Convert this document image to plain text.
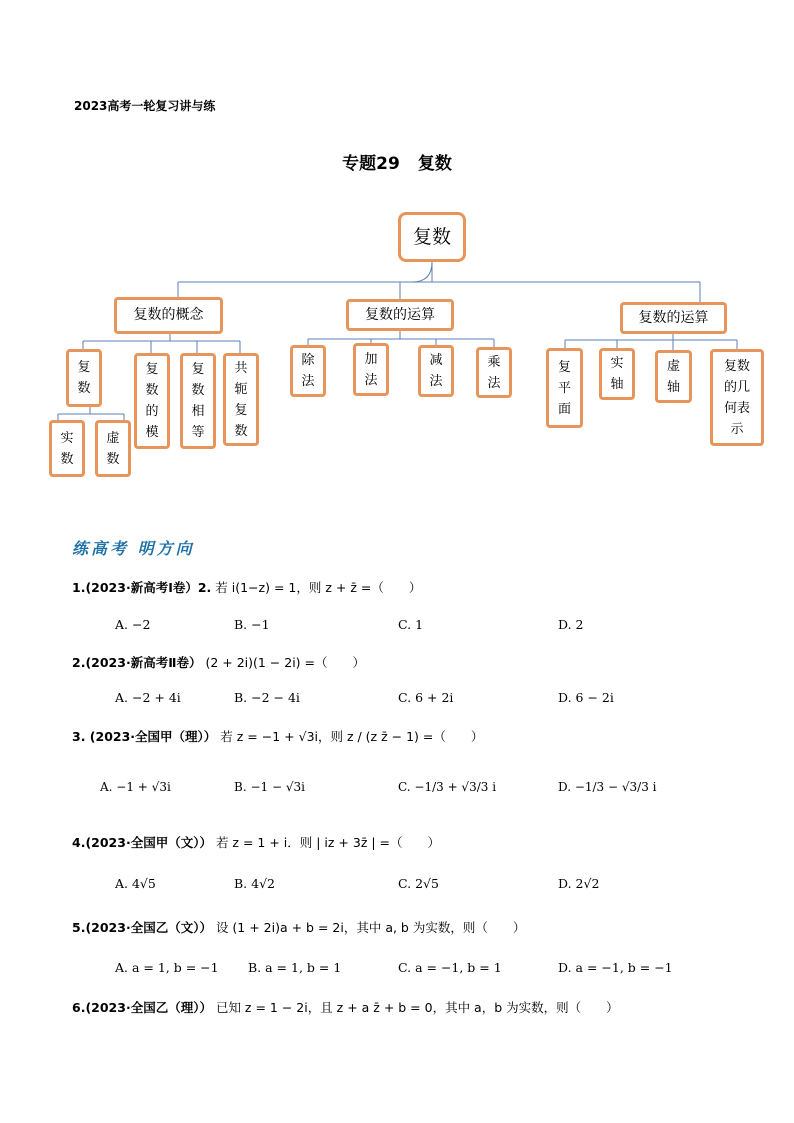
2023高考一轮复习讲与练
专题29 复数
复数
复数的概念	复数的运算	复数的运算
复数
复数的模
复数相等
共轭复数
实数
虚数
除法
加法
减法
乘法
复平面
实轴
虚轴
复数的几何表示
练高考 明方向
1.(2023·新高考Ⅰ卷）2. 若 i(1−z) = 1，则 z + z̄ =（　　）
A. −2	B. −1	C. 1	D. 2
2.(2023·新高考Ⅱ卷） (2 + 2i)(1 − 2i) =（　　）
A. −2 + 4i	B. −2 − 4i	C. 6 + 2i	D. 6 − 2i
3. (2023·全国甲（理）） 若 z = −1 + √3i，则 z / (z z̄ − 1) =（　　）
A. −1 + √3i	B. −1 − √3i	C. −1/3 + √3/3 i	D. −1/3 − √3/3 i
4.(2023·全国甲（文）） 若 z = 1 + i．则 | iz + 3z̄ | =（　　）
A. 4√5	B. 4√2	C. 2√5	D. 2√2
5.(2023·全国乙（文）） 设 (1 + 2i)a + b = 2i，其中 a, b 为实数，则（　　）
A. a = 1, b = −1 B. a = 1, b = 1	C. a = −1, b = 1	D. a = −1, b = −1
6.(2023·全国乙（理）） 已知 z = 1 − 2i，且 z + a z̄ + b = 0，其中 a，b 为实数，则（　　）
